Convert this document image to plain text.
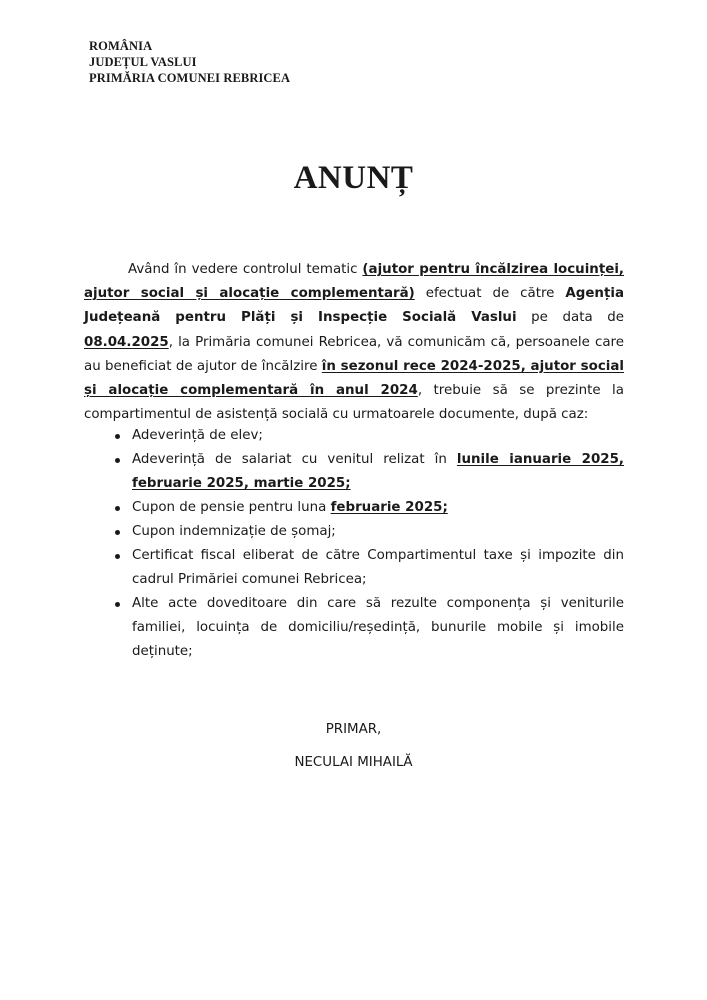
ROMÂNIA
JUDEȚUL VASLUI
PRIMĂRIA COMUNEI REBRICEA
ANUNȚ

Având în vedere controlul tematic (ajutor pentru încălzirea locuinței, ajutor social și alocație complementară) efectuat de către Agenția Județeană pentru Plăți și Inspecție Socială Vaslui pe data de 08.04.2025, la Primăria comunei Rebricea, vă comunicăm că, persoanele care au beneficiat de ajutor de încălzire în sezonul rece 2024-2025, ajutor social și alocație complementară în anul 2024, trebuie să se prezinte la compartimentul de asistență socială cu urmatoarele documente, după caz:

Adeverință de elev;
Adeverință de salariat cu venitul relizat în lunile ianuarie 2025, februarie 2025, martie 2025;
Cupon de pensie pentru luna februarie 2025;
Cupon indemnizație de șomaj;
Certificat fiscal eliberat de către Compartimentul taxe și impozite din cadrul Primăriei comunei Rebricea;
Alte acte doveditoare din care să rezulte componența și veniturile familiei, locuința de domiciliu/reședință, bunurile mobile și imobile deținute;
PRIMAR,
NECULAI MIHAILĂ
